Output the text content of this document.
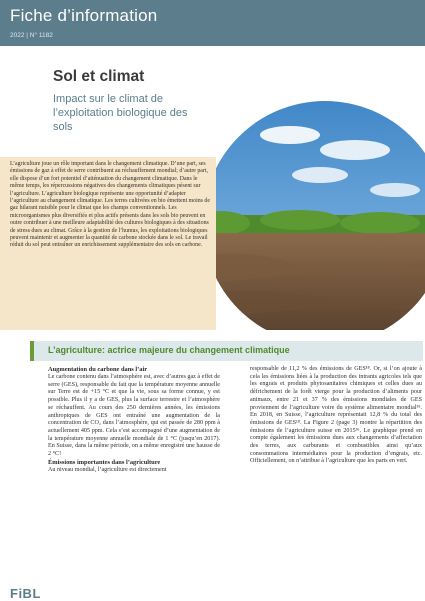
Fiche d’information
2022 | N° 1182
Sol et climat
Impact sur le climat de l’exploitation biologique des sols
L’agriculture joue un rôle important dans le changement climatique. D’une part, ses émissions de gaz à effet de serre contribuent au réchauffement mondial; d’autre part, elle dispose d’un fort potentiel d’atténuation du changement climatique. Dans le même temps, les répercussions négatives des changements climatiques pèsent sur l’agriculture. L’agriculture biologique représente une opportunité d’adapter l’agriculture au changement climatique. Les terres cultivées en bio émettent moins de gaz hilarant nuisible pour le climat que les champs conventionnels. Les microorganismes plus diversifiés et plus actifs présents dans les sols bio peuvent en outre contribuer à une meilleure adaptabilité des cultures biologiques à des situations de stress dues au climat. Grâce à la gestion de l’humus, les exploitations biologiques peuvent maintenir et augmenter la quantité de carbone stockée dans le sol. Le travail réduit du sol peut entraîner un enrichissement supplémentaire des sols en carbone.
L’agriculture: actrice majeure du changement climatique
Augmentation du carbone dans l’air

Le carbone contenu dans l’atmosphère est, avec d’autres gaz à effet de serre (GES), responsable du fait que la température moyenne annuelle sur Terre est de +15 °C et que la vie, sous sa forme connue, y est possible. Plus il y a de GES, plus la surface terrestre et l’atmosphère se réchauffent. Au cours des 250 dernières années, les émissions anthropiques de GES ont entraîné une augmentation de la concentration de CO₂ dans l’atmosphère, qui est passée de 280 ppm à actuellement 405 ppm. Cela s’est accompagné d’une augmentation de la température moyenne annuelle mondiale de 1 °C (jusqu’en 2017). En Suisse, dans la même période, on a même enregistré une hausse de 2 °C!

Émissions importantes dans l’agriculture

Au niveau mondial, l’agriculture est directement

responsable de 11,2 % des émissions de GES¹⁸. Or, si l’on ajoute à cela les émissions liées à la production des intrants agricoles tels que les engrais et produits phytosanitaires chimiques et celles dues au défrichement de la forêt vierge pour la production d’aliments pour animaux, entre 21 et 37 % des émissions mondiales de GES proviennent de l’agriculture voire du système alimentaire mondial³⁵. En 2018, en Suisse, l’agriculture représentait 12,8 % du total des émissions de GES¹⁸. La Figure 2 (page 3) montre la répartition des émissions de l’agriculture suisse en 2015³⁶. Le graphique prend en compte également les émissions dues aux changements d’affectation des terres, aux carburants et combustibles ainsi qu’aux consommations intermédiaires pour la production d’engrais, etc. Officiellement, on n’attribue à l’agriculture que les parts en vert.

FiBL
